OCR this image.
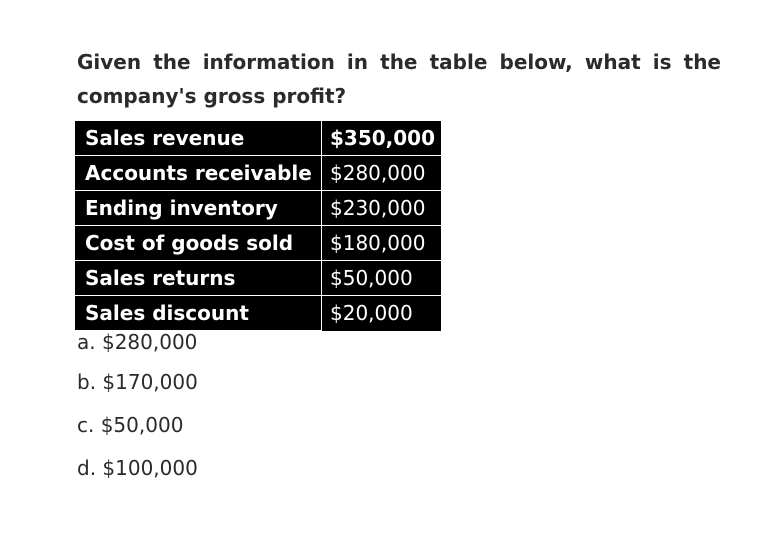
Given the information in the table below, what is the
company's gross profit?
Sales revenue	$350,000
Accounts receivable	$280,000
Ending inventory	$230,000
Cost of goods sold	$180,000
Sales returns	$50,000
Sales discount	$20,000
a. $280,000
b. $170,000
c. $50,000
d. $100,000
